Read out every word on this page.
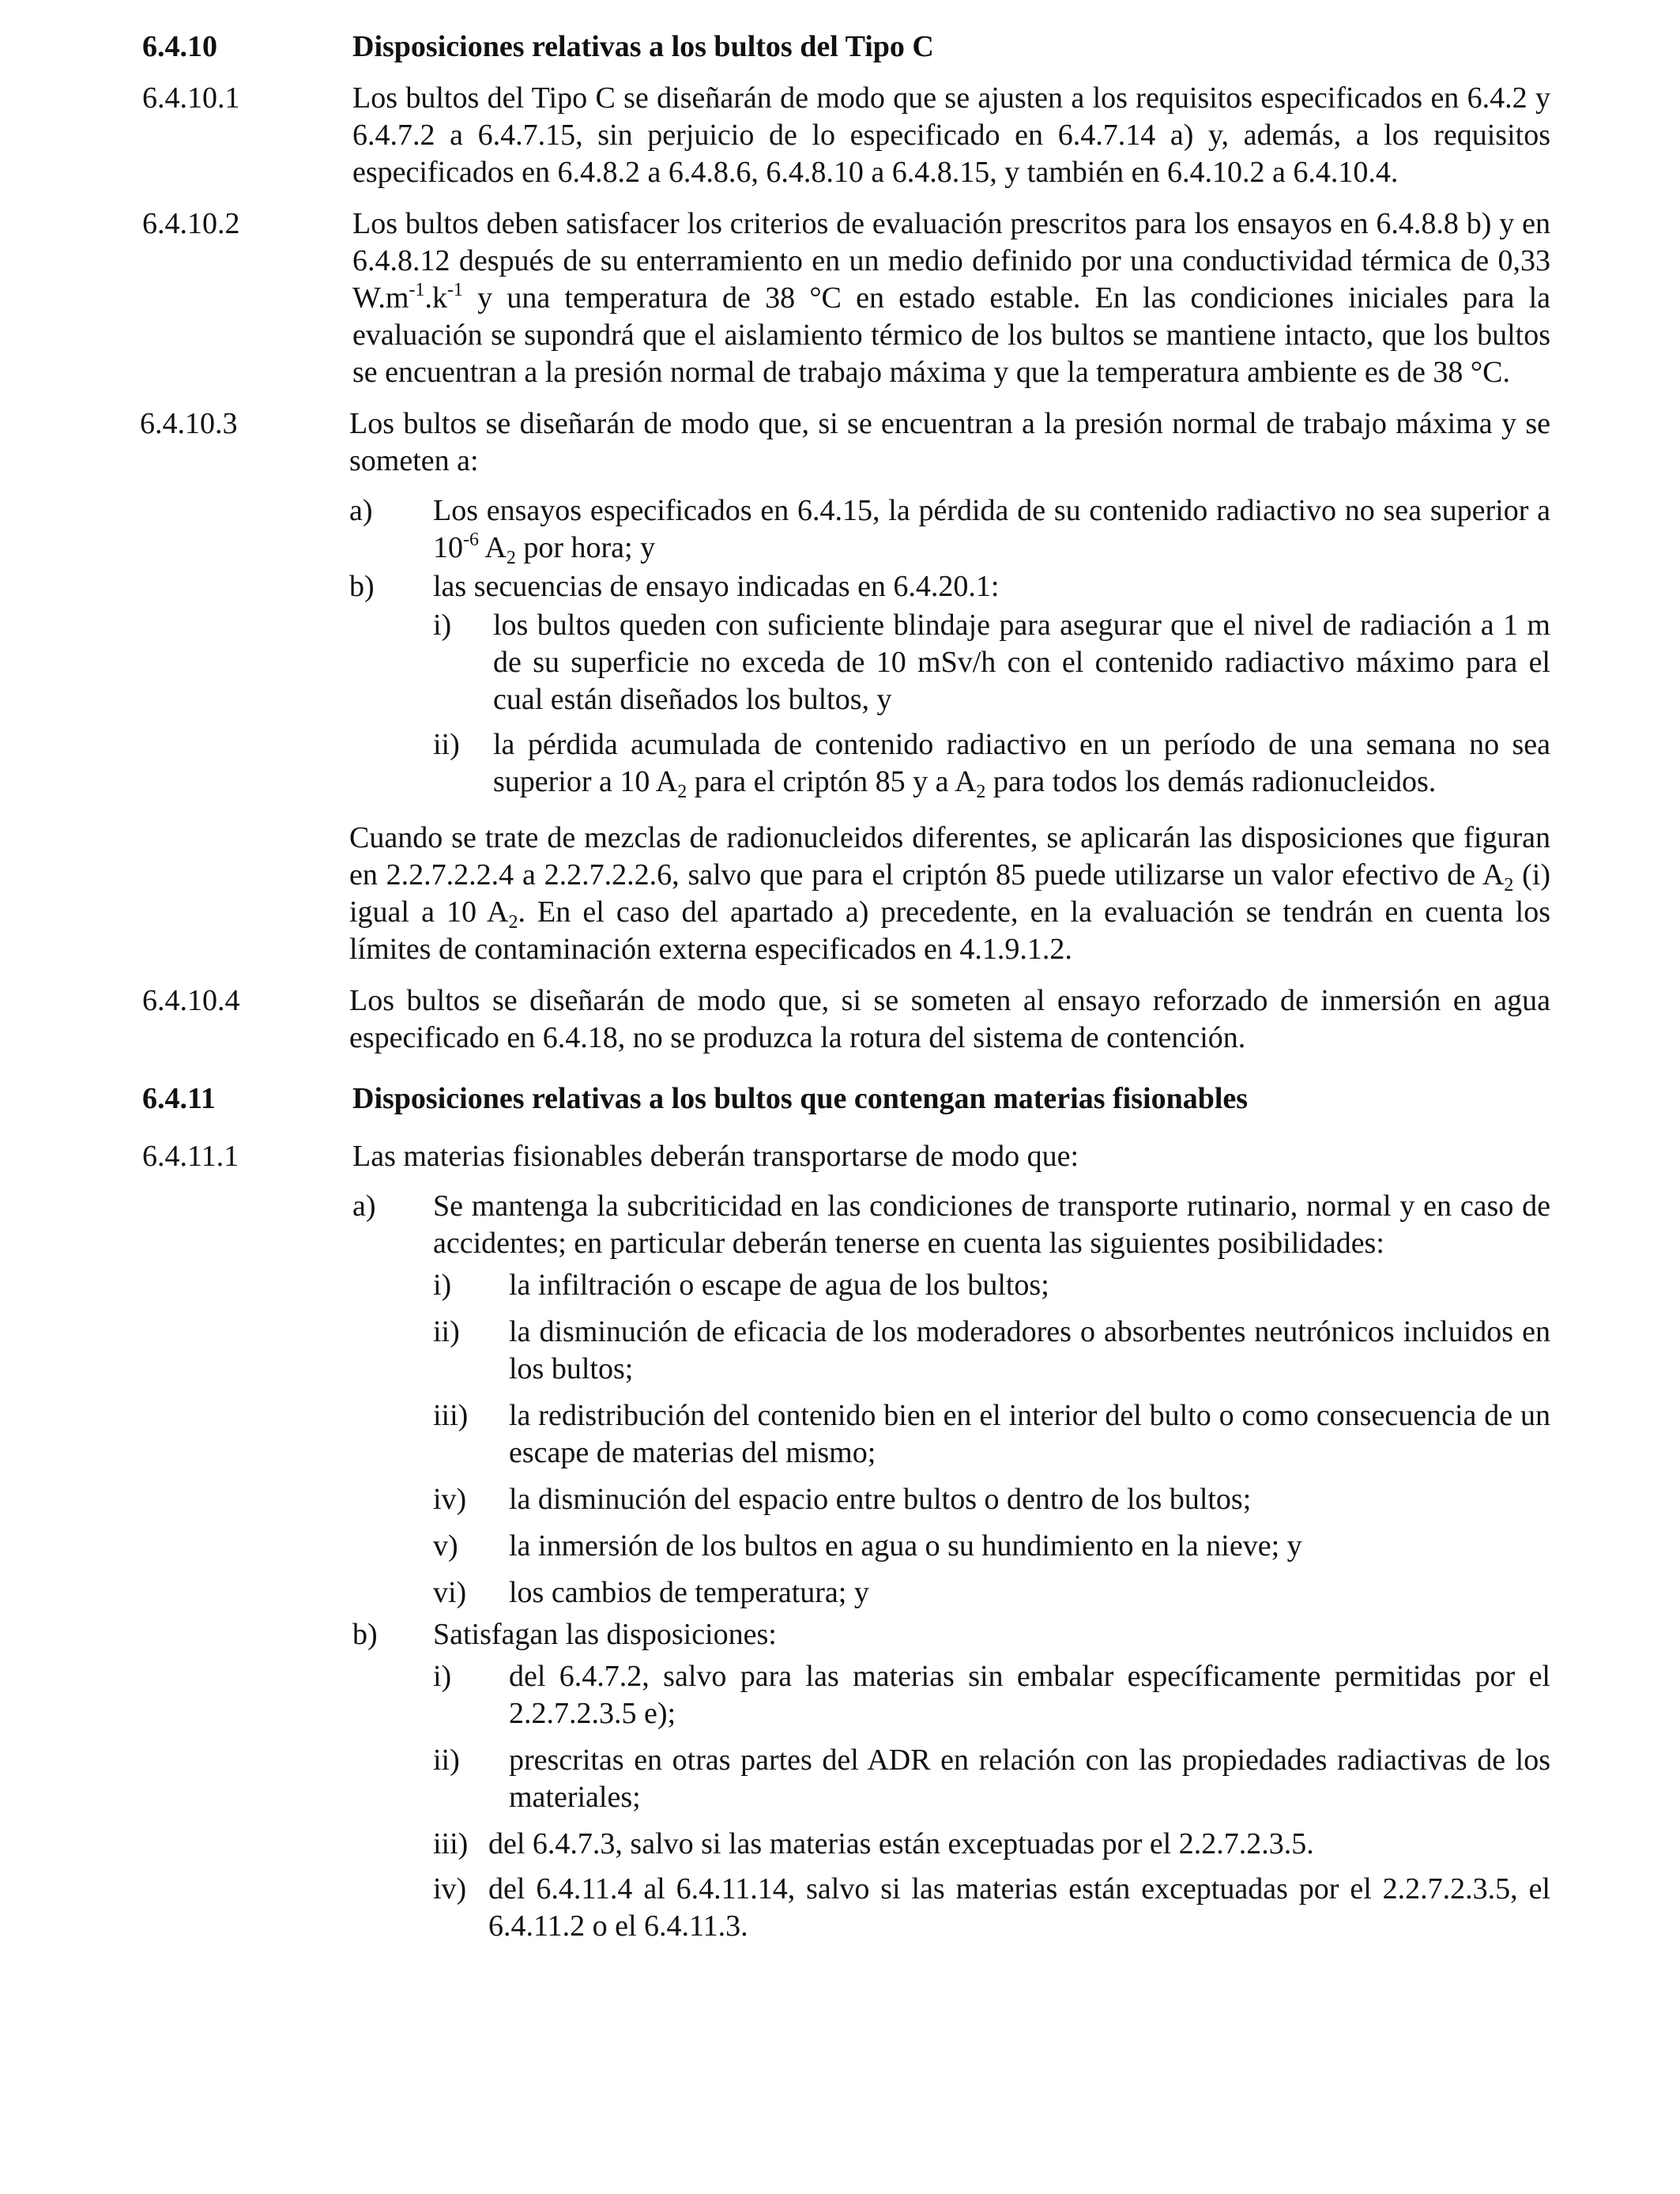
6.4.10	Disposiciones relativas a los bultos del Tipo C
6.4.10.1	Los bultos del Tipo C se diseñarán de modo que se ajusten a los requisitos especificados en 6.4.2 y 6.4.7.2 a 6.4.7.15, sin perjuicio de lo especificado en 6.4.7.14 a) y, además, a los requisitos especificados en 6.4.8.2 a 6.4.8.6, 6.4.8.10 a 6.4.8.15, y también en 6.4.10.2 a 6.4.10.4.
6.4.10.2	Los bultos deben satisfacer los criterios de evaluación prescritos para los ensayos en 6.4.8.8 b) y en 6.4.8.12 después de su enterramiento en un medio definido por una conductividad térmica de 0,33 $W.m^{-1}.k^{-1}$ y una temperatura de 38 °C en estado estable. En las condiciones iniciales para la evaluación se supondrá que el aislamiento térmico de los bultos se mantiene intacto, que los bultos se encuentran a la presión normal de trabajo máxima y que la temperatura ambiente es de 38 °C.
6.4.10.3	Los bultos se diseñarán de modo que, si se encuentran a la presión normal de trabajo máxima y se someten a:

a) Los ensayos especificados en 6.4.15, la pérdida de su contenido radiactivo no sea superior a $10^{-6}$ $A_2$ por hora; y
b) las secuencias de ensayo indicadas en 6.4.20.1:
i) los bultos queden con suficiente blindaje para asegurar que el nivel de radiación a 1 m de su superficie no exceda de 10 mSv/h con el contenido radiactivo máximo para el cual están diseñados los bultos, y
ii) la pérdida acumulada de contenido radiactivo en un período de una semana no sea superior a 10 $A_2$ para el criptón 85 y a $A_2$ para todos los demás radionucleidos.

Cuando se trate de mezclas de radionucleidos diferentes, se aplicarán las disposiciones que figuran en 2.2.7.2.2.4 a 2.2.7.2.2.6, salvo que para el criptón 85 puede utilizarse un valor efectivo de $A_2$ (i) igual a 10 $A_2$. En el caso del apartado a) precedente, en la evaluación se tendrán en cuenta los límites de contaminación externa especificados en 4.1.9.1.2.

6.4.10.4	Los bultos se diseñarán de modo que, si se someten al ensayo reforzado de inmersión en agua especificado en 6.4.18, no se produzca la rotura del sistema de contención.
6.4.11	Disposiciones relativas a los bultos que contengan materias fisionables
6.4.11.1	Las materias fisionables deberán transportarse de modo que:

a) Se mantenga la subcriticidad en las condiciones de transporte rutinario, normal y en caso de accidentes; en particular deberán tenerse en cuenta las siguientes posibilidades:
i) la infiltración o escape de agua de los bultos;
ii) la disminución de eficacia de los moderadores o absorbentes neutrónicos incluidos en los bultos;
iii) la redistribución del contenido bien en el interior del bulto o como consecuencia de un escape de materias del mismo;
iv) la disminución del espacio entre bultos o dentro de los bultos;
v) la inmersión de los bultos en agua o su hundimiento en la nieve; y
vi) los cambios de temperatura; y
b) Satisfagan las disposiciones:
i) del 6.4.7.2, salvo para las materias sin embalar específicamente permitidas por el 2.2.7.2.3.5 e);
ii) prescritas en otras partes del ADR en relación con las propiedades radiactivas de los materiales;
iii) del 6.4.7.3, salvo si las materias están exceptuadas por el 2.2.7.2.3.5.
iv) del 6.4.11.4 al 6.4.11.14, salvo si las materias están exceptuadas por el 2.2.7.2.3.5, el 6.4.11.2 o el 6.4.11.3.
